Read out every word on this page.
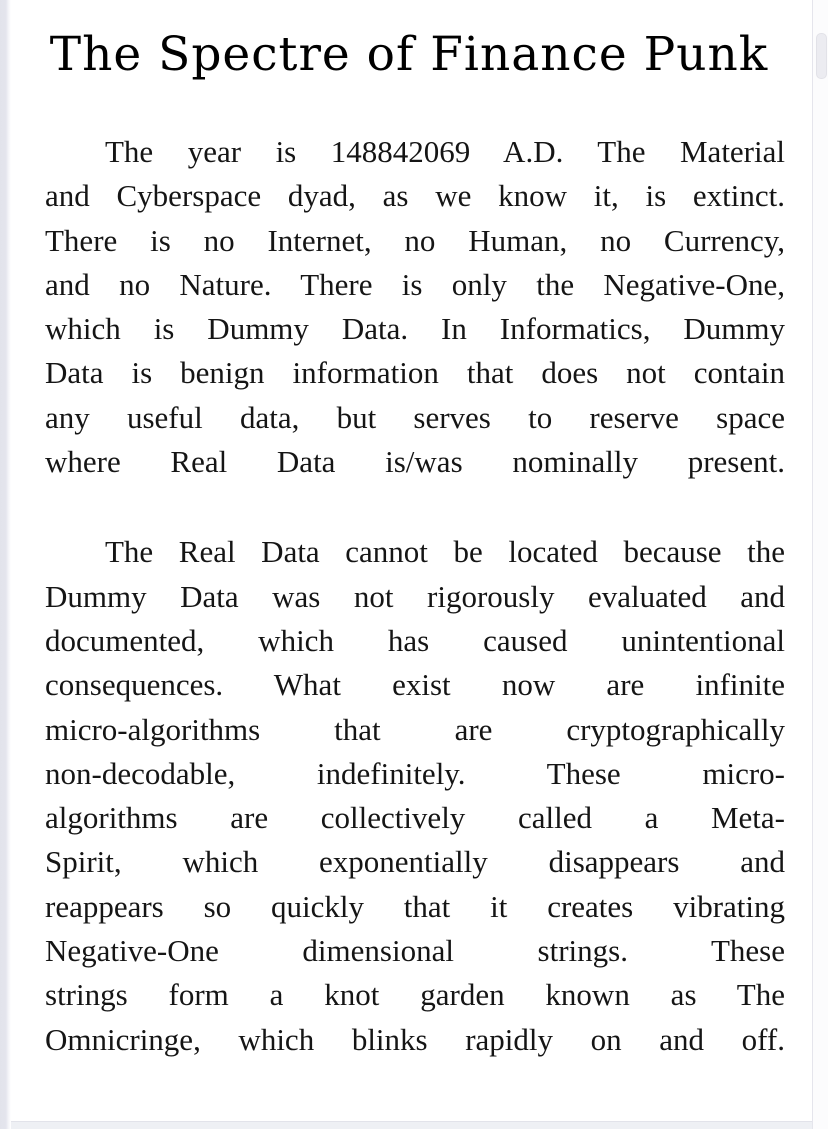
The Spectre of Finance Punk
The year is 148842069 A.D. The Material
and Cyberspace dyad, as we know it, is extinct.
There is no Internet, no Human, no Currency,
and no Nature. There is only the Negative-One,
which is Dummy Data. In Informatics, Dummy
Data is benign information that does not contain
any useful data, but serves to reserve space
where Real Data is/was nominally present.
The Real Data cannot be located because the
Dummy Data was not rigorously evaluated and
documented, which has caused unintentional
consequences. What exist now are infinite
micro-algorithms that are cryptographically
non-decodable, indefinitely. These micro-
algorithms are collectively called a Meta-
Spirit, which exponentially disappears and
reappears so quickly that it creates vibrating
Negative-One dimensional strings. These
strings form a knot garden known as The
Omnicringe, which blinks rapidly on and off.
